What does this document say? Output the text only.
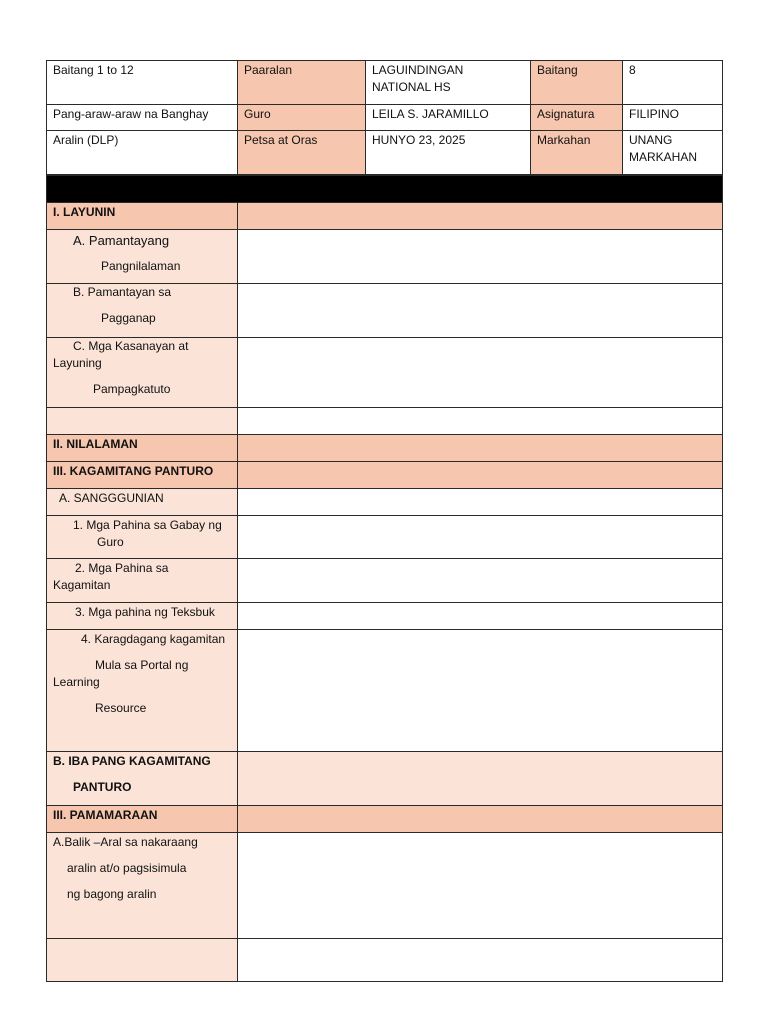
Baitang 1 to 12	Paaralan	LAGUINDINGAN NATIONAL HS	Baitang	8
Pang-araw-araw na Banghay	Guro	LEILA S. JARAMILLO	Asignatura	FILIPINO
Aralin (DLP)	Petsa at Oras	HUNYO 23, 2025	Markahan	UNANG MARKAHAN

I. LAYUNIN	

A. Pamantayang
Pangnilalaman	

B. Pamantayan sa
Pagganap	

C. Mga Kasanayan at
Layuning
Pampagkatuto	

II. NILALAMAN	
III. KAGAMITANG PANTURO	
A. SANGGGUNIAN	

1. Mga Pahina sa Gabay ng
Guro	

2. Mga Pahina sa
Kagamitan	

3. Mga pahina ng Teksbuk	

4. Karagdagang kagamitan
Mula sa Portal ng
Learning
Resource	

B. IBA PANG KAGAMITANG
PANTURO	

III. PAMAMARAAN	

A.Balik –Aral sa nakaraang
aralin at/o pagsisimula
ng bagong aralin	
